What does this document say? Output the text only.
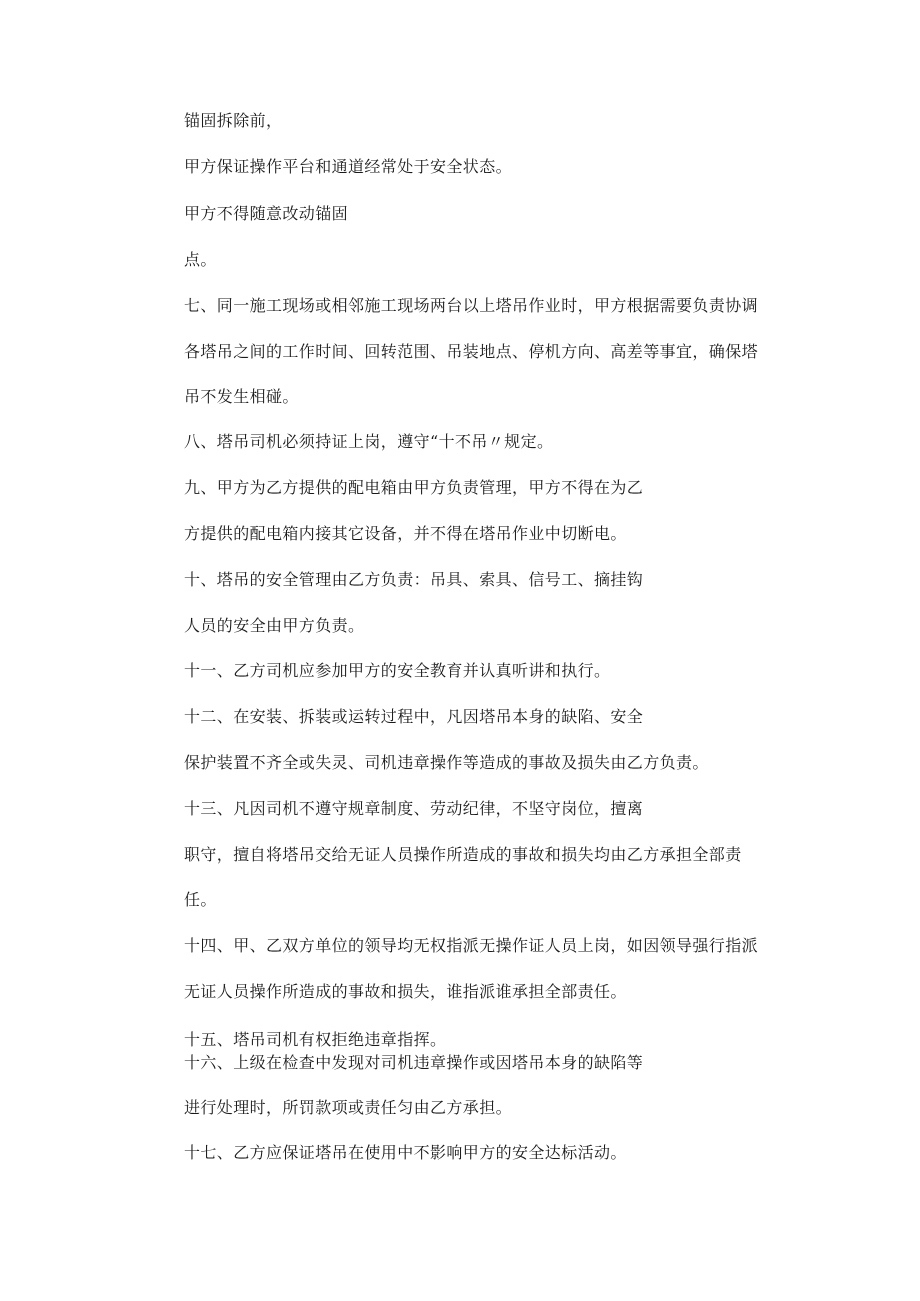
锚固拆除前，

甲方保证操作平台和通道经常处于安全状态。

甲方不得随意改动锚固

点。

七、同一施工现场或相邻施工现场两台以上塔吊作业时，甲方根据需要负责协调

各塔吊之间的工作时间、回转范围、吊装地点、停机方向、高差等事宜，确保塔

吊不发生相碰。

八、塔吊司机必须持证上岗，遵守“十不吊〃规定。

九、甲方为乙方提供的配电箱由甲方负责管理，甲方不得在为乙

方提供的配电箱内接其它设备，并不得在塔吊作业中切断电。

十、塔吊的安全管理由乙方负责：吊具、索具、信号工、摘挂钩

人员的安全由甲方负责。

十一、乙方司机应参加甲方的安全教育并认真听讲和执行。

十二、在安装、拆装或运转过程中，凡因塔吊本身的缺陷、安全

保护装置不齐全或失灵、司机违章操作等造成的事故及损失由乙方负责。

十三、凡因司机不遵守规章制度、劳动纪律，不坚守岗位，擅离

职守，擅自将塔吊交给无证人员操作所造成的事故和损失均由乙方承担全部责

任。

十四、甲、乙双方单位的领导均无权指派无操作证人员上岗，如因领导强行指派

无证人员操作所造成的事故和损失，谁指派谁承担全部责任。

十五、塔吊司机有权拒绝违章指挥。

十六、上级在检查中发现对司机违章操作或因塔吊本身的缺陷等

进行处理时，所罚款项或责任匀由乙方承担。

十七、乙方应保证塔吊在使用中不影响甲方的安全达标活动。
